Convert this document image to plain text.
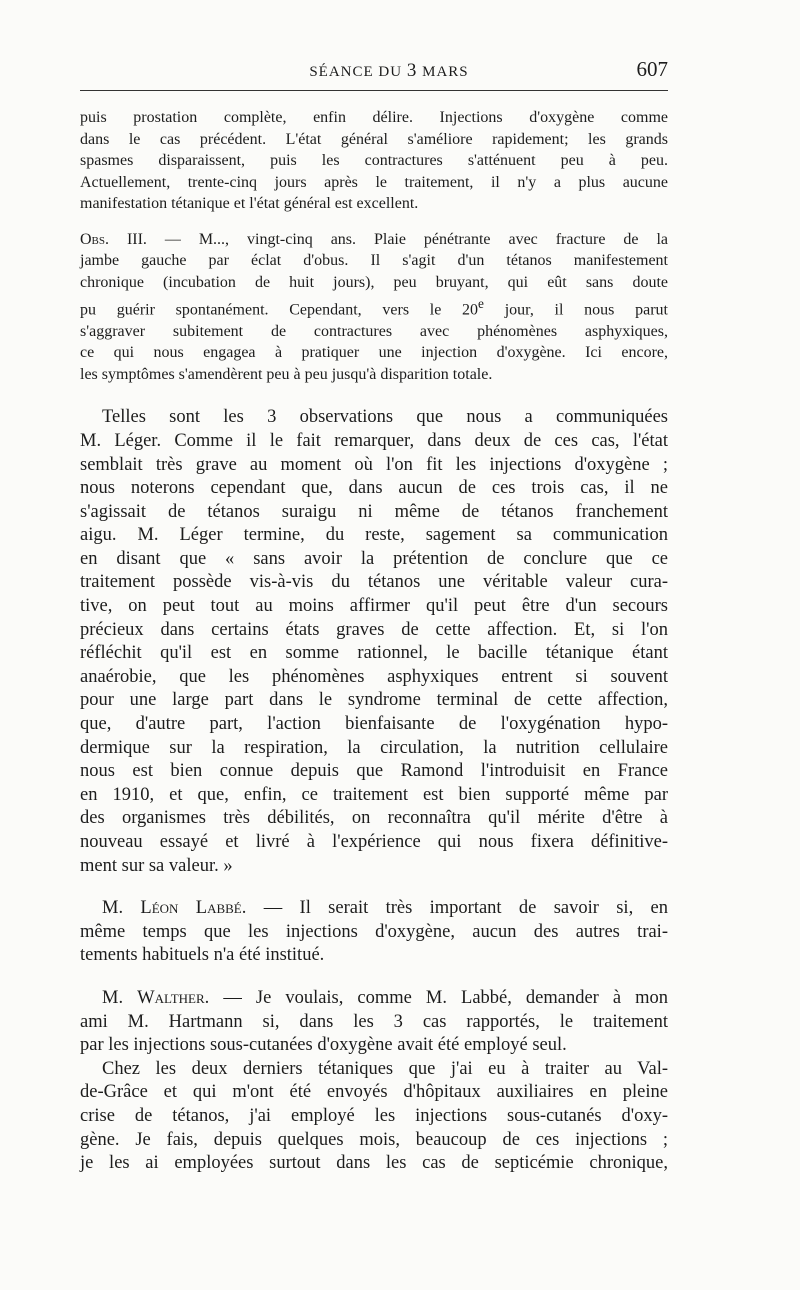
SÉANCE DU 3 MARS	607

puis prostation complète, enfin délire. Injections d'oxygène comme

dans le cas précédent. L'état général s'améliore rapidement; les grands

spasmes disparaissent, puis les contractures s'atténuent peu à peu.

Actuellement, trente-cinq jours après le traitement, il n'y a plus aucune

manifestation tétanique et l'état général est excellent.

Obs. III. — M..., vingt-cinq ans. Plaie pénétrante avec fracture de la

jambe gauche par éclat d'obus. Il s'agit d'un tétanos manifestement

chronique (incubation de huit jours), peu bruyant, qui eût sans doute

pu guérir spontanément. Cependant, vers le 20e jour, il nous parut

s'aggraver subitement de contractures avec phénomènes asphyxiques,

ce qui nous engagea à pratiquer une injection d'oxygène. Ici encore,

les symptômes s'amendèrent peu à peu jusqu'à disparition totale.

Telles sont les 3 observations que nous a communiquées

M. Léger. Comme il le fait remarquer, dans deux de ces cas, l'état

semblait très grave au moment où l'on fit les injections d'oxygène ;

nous noterons cependant que, dans aucun de ces trois cas, il ne

s'agissait de tétanos suraigu ni même de tétanos franchement

aigu. M. Léger termine, du reste, sagement sa communication

en disant que « sans avoir la prétention de conclure que ce

traitement possède vis-à-vis du tétanos une véritable valeur cura-

tive, on peut tout au moins affirmer qu'il peut être d'un secours

précieux dans certains états graves de cette affection. Et, si l'on

réfléchit qu'il est en somme rationnel, le bacille tétanique étant

anaérobie, que les phénomènes asphyxiques entrent si souvent

pour une large part dans le syndrome terminal de cette affection,

que, d'autre part, l'action bienfaisante de l'oxygénation hypo-

dermique sur la respiration, la circulation, la nutrition cellulaire

nous est bien connue depuis que Ramond l'introduisit en France

en 1910, et que, enfin, ce traitement est bien supporté même par

des organismes très débilités, on reconnaîtra qu'il mérite d'être à

nouveau essayé et livré à l'expérience qui nous fixera définitive-

ment sur sa valeur. »

M. Léon Labbé. — Il serait très important de savoir si, en

même temps que les injections d'oxygène, aucun des autres trai-

tements habituels n'a été institué.

M. Walther. — Je voulais, comme M. Labbé, demander à mon

ami M. Hartmann si, dans les 3 cas rapportés, le traitement

par les injections sous-cutanées d'oxygène avait été employé seul.

Chez les deux derniers tétaniques que j'ai eu à traiter au Val-

de-Grâce et qui m'ont été envoyés d'hôpitaux auxiliaires en pleine

crise de tétanos, j'ai employé les injections sous-cutanés d'oxy-

gène. Je fais, depuis quelques mois, beaucoup de ces injections ;

je les ai employées surtout dans les cas de septicémie chronique,
